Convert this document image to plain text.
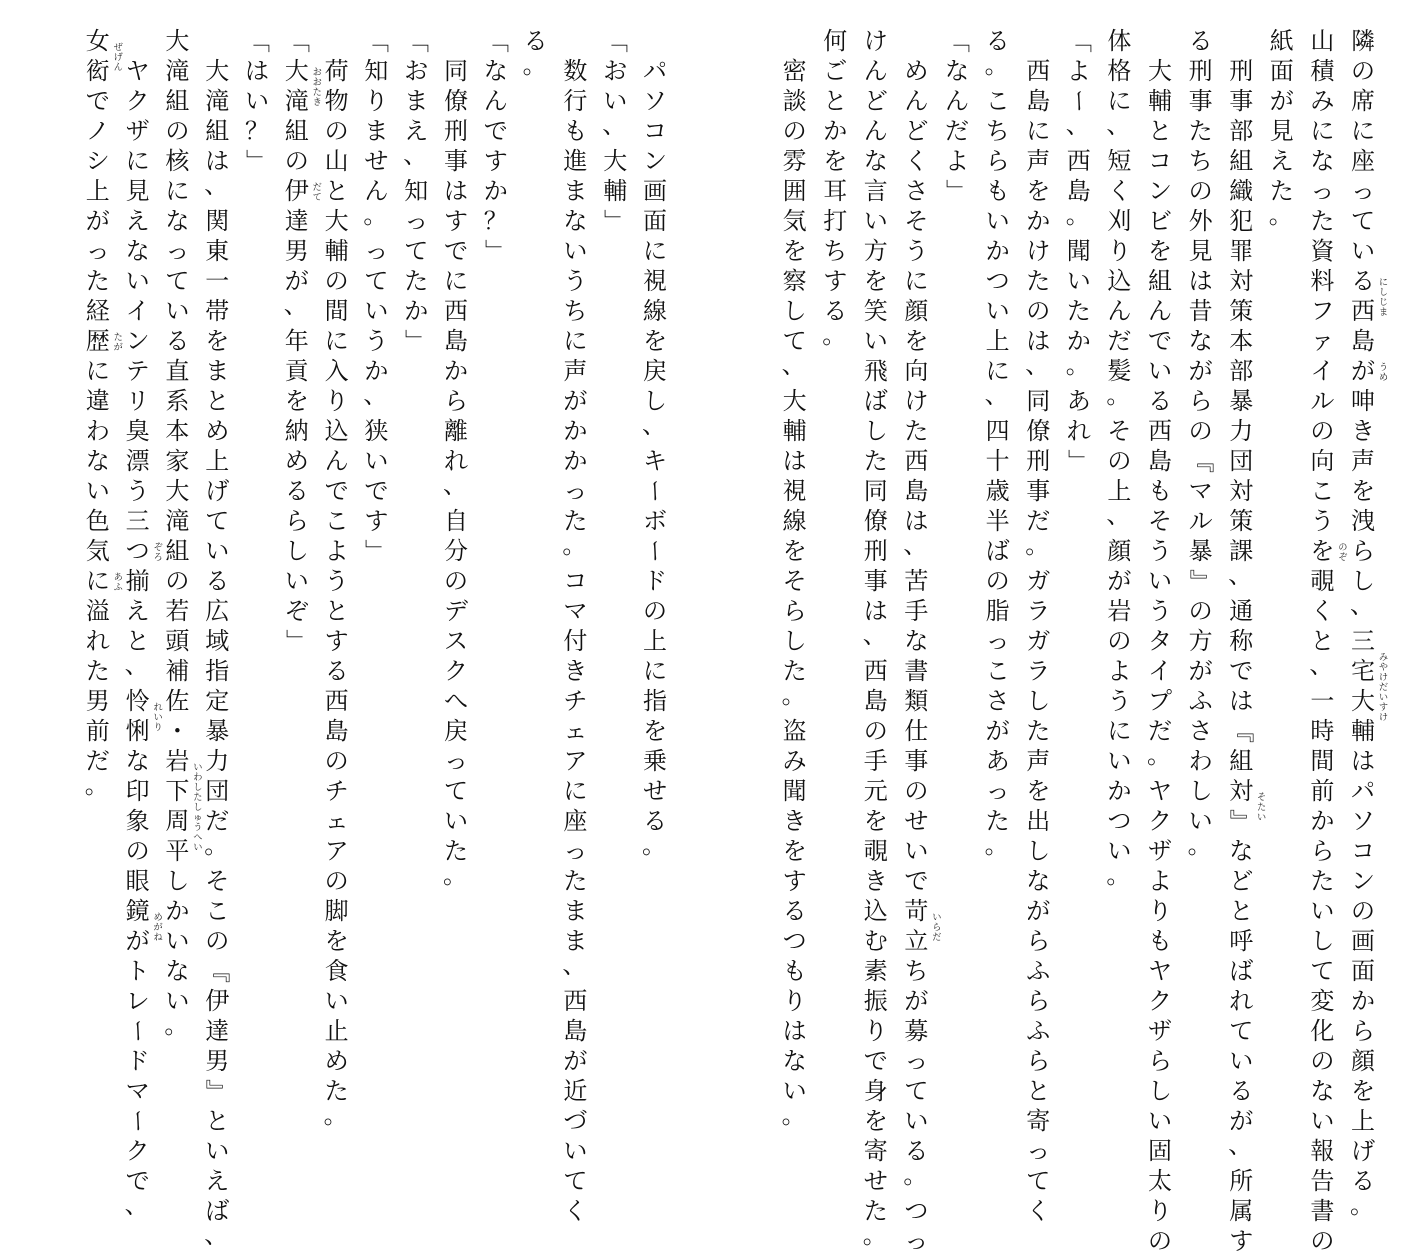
隣
の
席
に
座
っ
て
い
る
西
島
が
呻
き
声
を
洩
ら
し
、
三
宅
大
輔
は
パ
ソ
コ
ン
の
画
面
か
ら
顔
を
上
げ
る
。
に
し
じ
ま
う
め
み
や
け
だ
い
す
け
山
積
み
に
な
っ
た
資
料
フ
ァ
イ
ル
の
向
こ
う
を
覗
く
と
、
一
時
間
前
か
ら
た
い
し
て
変
化
の
な
い
報
告
書
の
の
ぞ
紙
面
が
見
え
た
。

刑
事
部
組
織
犯
罪
対
策
本
部
暴
力
団
対
策
課
、
通
称
で
は
『
組
対
』
な
ど
と
呼
ば
れ
て
い
る
が
、
所
属
す
そ
た
い
る
刑
事
た
ち
の
外
見
は
昔
な
が
ら
の
『
マ
ル
暴
』
の
方
が
ふ
さ
わ
し
い
。

大
輔
と
コ
ン
ビ
を
組
ん
で
い
る
西
島
も
そ
う
い
う
タ
イ
プ
だ
。
ヤ
ク
ザ
よ
り
も
ヤ
ク
ザ
ら
し
い
固
太
り
の
体
格
に
、
短
く
刈
り
込
ん
だ
髪
。
そ
の
上
、
顔
が
岩
の
よ
う
に
い
か
つ
い
。
「
よ
ー
、
西
島
。
聞
い
た
か
。
あ
れ
」

西
島
に
声
を
か
け
た
の
は
、
同
僚
刑
事
だ
。
ガ
ラ
ガ
ラ
し
た
声
を
出
し
な
が
ら
ふ
ら
ふ
ら
と
寄
っ
て
く
る
。
こ
ち
ら
も
い
か
つ
い
上
に
、
四
十
歳
半
ば
の
脂
っ
こ
さ
が
あ
っ
た
。
「
な
ん
だ
よ
」

め
ん
ど
く
さ
そ
う
に
顔
を
向
け
た
西
島
は
、
苦
手
な
書
類
仕
事
の
せ
い
で
苛
立
ち
が
募
っ
て
い
る
。
つ
っ
い
ら
だ
け
ん
ど
ん
な
言
い
方
を
笑
い
飛
ば
し
た
同
僚
刑
事
は
、
西
島
の
手
元
を
覗
き
込
む
素
振
り
で
身
を
寄
せ
た
。
何
ご
と
か
を
耳
打
ち
す
る
。

密
談
の
雰
囲
気
を
察
し
て
、
大
輔
は
視
線
を
そ
ら
し
た
。
盗
み
聞
き
を
す
る
つ
も
り
は
な
い
。

パ
ソ
コ
ン
画
面
に
視
線
を
戻
し
、
キ
ー
ボ
ー
ド
の
上
に
指
を
乗
せ
る
。
「
お
い
、
大
輔
」

数
行
も
進
ま
な
い
う
ち
に
声
が
か
か
っ
た
。
コ
マ
付
き
チ
ェ
ア
に
座
っ
た
ま
ま
、
西
島
が
近
づ
い
て
く
る
。
「
な
ん
で
す
か
？
」

同
僚
刑
事
は
す
で
に
西
島
か
ら
離
れ
、
自
分
の
デ
ス
ク
へ
戻
っ
て
い
た
。
「
お
ま
え
、
知
っ
て
た
か
」
「
知
り
ま
せ
ん
。
っ
て
い
う
か
、
狭
い
で
す
」

荷
物
の
山
と
大
輔
の
間
に
入
り
込
ん
で
こ
よ
う
と
す
る
西
島
の
チ
ェ
ア
の
脚
を
食
い
止
め
た
。
「
大
滝
組
の
伊
達
男
が
、
年
貢
を
納
め
る
ら
し
い
ぞ
」
お
お
た
き
だ
て
「
は
い
？
」

大
滝
組
は
、
関
東
一
帯
を
ま
と
め
上
げ
て
い
る
広
域
指
定
暴
力
団
だ
。
そ
こ
の
『
伊
達
男
』
と
い
え
ば
、
大
滝
組
の
核
に
な
っ
て
い
る
直
系
本
家
大
滝
組
の
若
頭
補
佐
・
岩
下
周
平
し
か
い
な
い
。
い
わ
し
た
し
ゅ
う
へ
い

ヤ
ク
ザ
に
見
え
な
い
イ
ン
テ
リ
臭
漂
う
三
つ
揃
え
と
、
怜
悧
な
印
象
の
眼
鏡
が
ト
レ
ー
ド
マ
ー
ク
で
、
ぞ
ろ
れ
い
り
め
が
ね
女
衒
で
ノ
シ
上
が
っ
た
経
歴
に
違
わ
な
い
色
気
に
溢
れ
た
男
前
だ
。
ぜ
げ
ん
た
が
あ
ふ
